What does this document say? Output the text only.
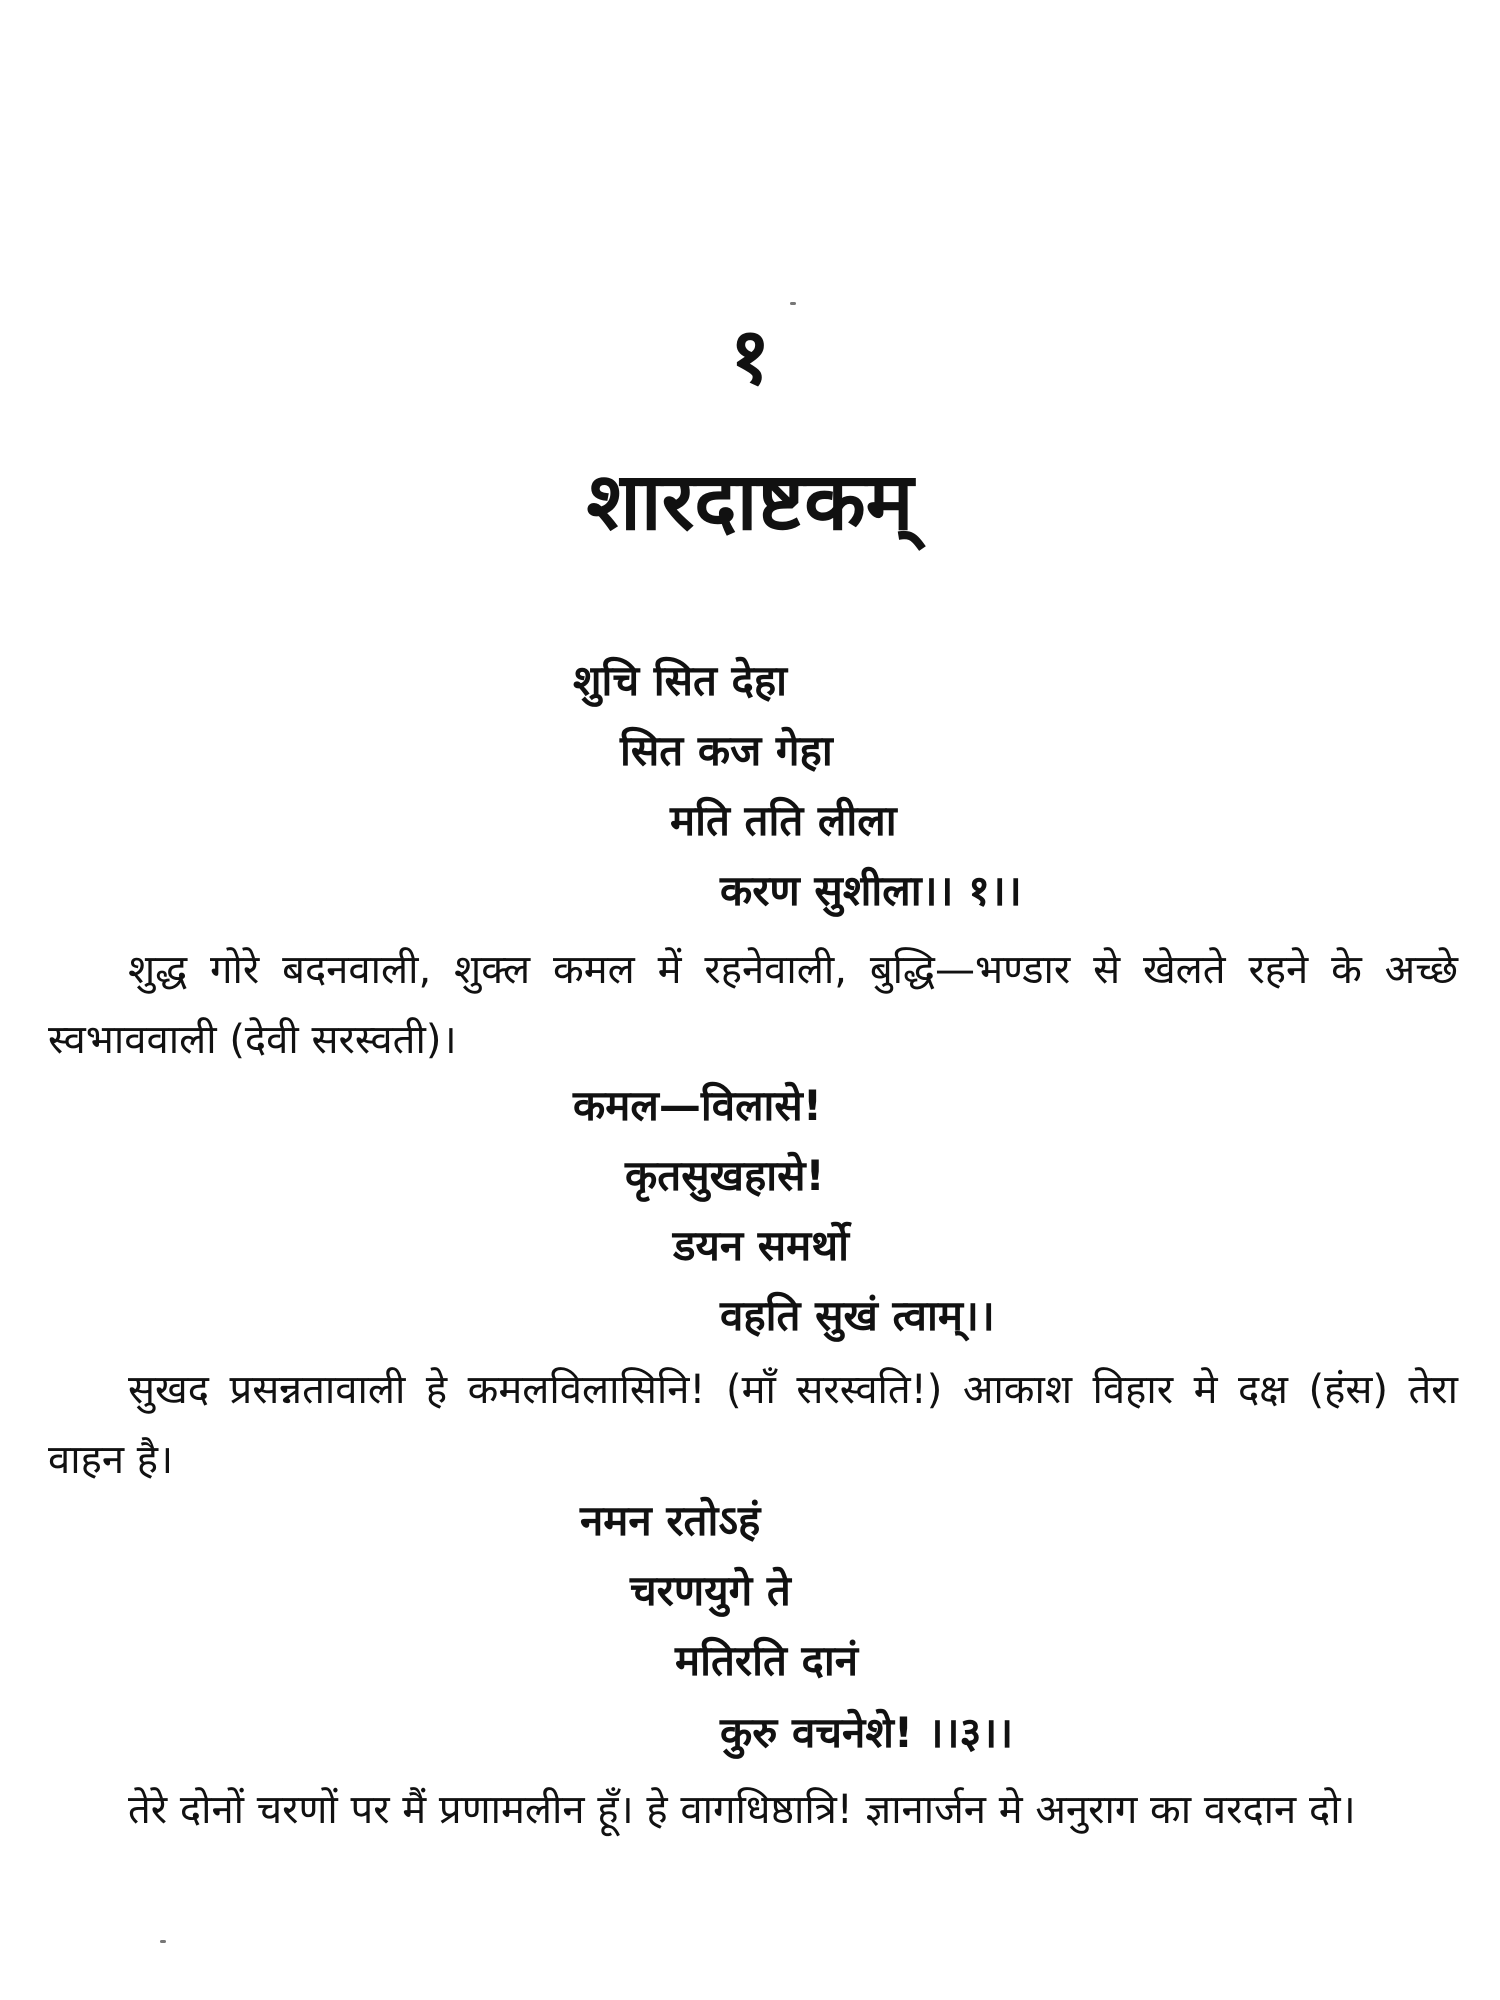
१
शारदाष्टकम्
शुचि सित देहा
सित कज गेहा
मति तति लीला
करण सुशीला।। १।।
शुद्ध गोरे बदनवाली, शुक्ल कमल में रहनेवाली, बुद्धि—भण्डार से खेलते रहने के अच्छे स्वभाववाली (देवी सरस्वती)।
कमल—विलासे!
कृतसुखहासे!
डयन समर्थो
वहति सुखं त्वाम्।।
सुखद प्रसन्नतावाली हे कमलविलासिनि! (माँ सरस्वति!) आकाश विहार मे दक्ष (हंस) तेरा वाहन है।
नमन रतोऽहं
चरणयुगे ते
मतिरति दानं
कुरु वचनेशे! ।।३।।
तेरे दोनों चरणों पर मैं प्रणामलीन हूँ। हे वागधिष्ठात्रि! ज्ञानार्जन मे अनुराग का वरदान दो।
